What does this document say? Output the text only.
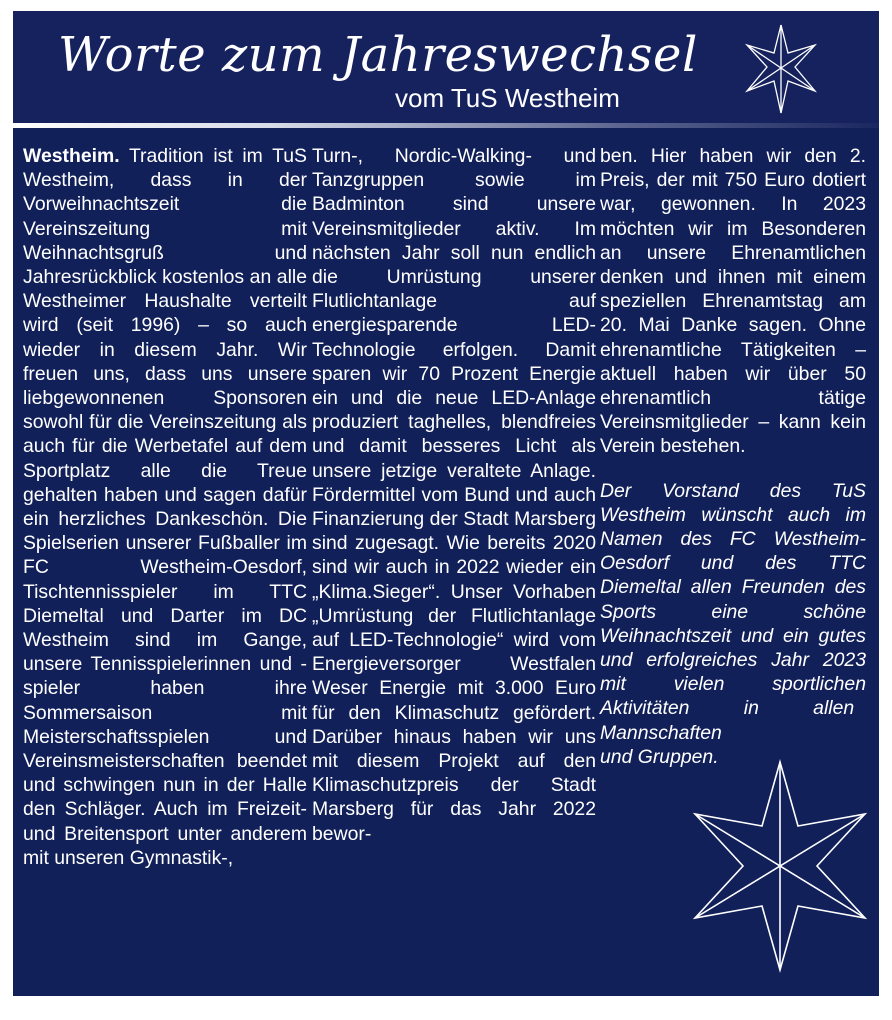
Worte zum Jahreswechsel
vom TuS Westheim
Westheim. Tradition ist im TuS Westheim, dass in der Vorweihnachtszeit die Vereinszeitung mit Weihnachtsgruß und Jahresrückblick kostenlos an alle Westheimer Haushalte verteilt wird (seit 1996) – so auch wieder in diesem Jahr. Wir freuen uns, dass uns unsere liebgewonnenen Sponsoren sowohl für die Vereinszeitung als auch für die Werbetafel auf dem Sportplatz alle die Treue gehalten haben und sagen dafür ein herzliches Dankeschön. Die Spielserien unserer Fußballer im FC Westheim-Oesdorf, Tischtennisspieler im TTC Diemeltal und Darter im DC Westheim sind im Gange, unsere Tennisspielerinnen und -spieler haben ihre Sommersaison mit Meisterschaftsspielen und Vereinsmeisterschaften beendet und schwingen nun in der Halle den Schläger. Auch im Freizeit- und Breitensport unter anderem mit unseren Gymnastik-,
Turn-, Nordic-Walking- und Tanzgruppen sowie im Badminton sind unsere Vereinsmitglieder aktiv. Im nächsten Jahr soll nun endlich die Umrüstung unserer Flutlichtanlage auf energiesparende LED-Technologie erfolgen. Damit sparen wir 70 Prozent Energie ein und die neue LED-Anlage produziert taghelles, blendfreies und damit besseres Licht als unsere jetzige veraltete Anlage. Fördermittel vom Bund und auch Finanzierung der Stadt Marsberg sind zugesagt. Wie bereits 2020 sind wir auch in 2022 wieder ein „Klima.Sieger“. Unser Vorhaben „Umrüstung der Flutlichtanlage auf LED-Technologie“ wird vom Energieversorger Westfalen Weser Energie mit 3.000 Euro für den Klimaschutz gefördert. Darüber hinaus haben wir uns mit diesem Projekt auf den Klimaschutzpreis der Stadt Marsberg für das Jahr 2022 bewor-
ben. Hier haben wir den 2. Preis, der mit 750 Euro dotiert war, gewonnen. In 2023 möchten wir im Besonderen an unsere Ehrenamtlichen denken und ihnen mit einem speziellen Ehrenamtstag am 20. Mai Danke sagen. Ohne ehrenamtliche Tätigkeiten – aktuell haben wir über 50 ehrenamtlich tätige Vereinsmitglieder – kann kein Verein bestehen.
Der Vorstand des TuS Westheim wünscht auch im Namen des FC Westheim-Oesdorf und des TTC Diemeltal allen Freunden des Sports eine schöne Weihnachtszeit und ein gutes und erfolgreiches Jahr 2023 mit vielen sportlichen Aktivitäten in allen Mannschaften und Gruppen.
